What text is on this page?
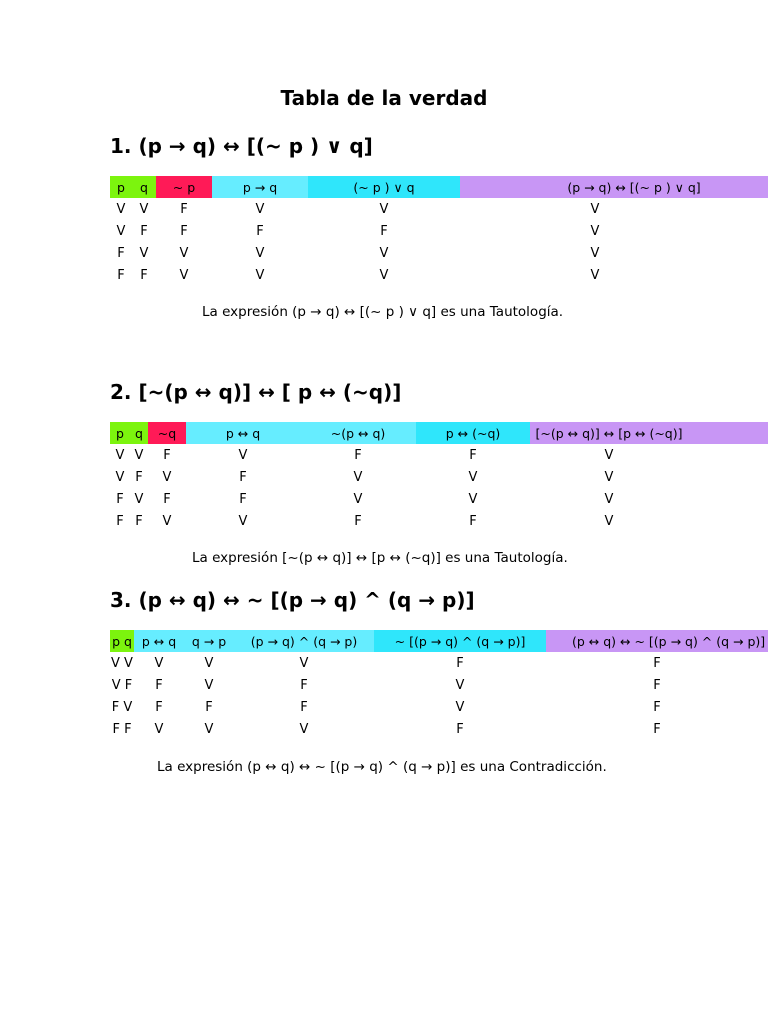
Tabla de la verdad
1. (p → q) ↔ [(~ p ) ∨ q]
p	q	~ p	p → q	(~ p ) ∨ q	(p → q) ↔ [(~ p ) ∨ q]
V	V	F	V	V	V
V	F	F	F	F	V
F	V	V	V	V	V
F	F	V	V	V	V
La expresión (p → q) ↔ [(~ p ) ∨ q] es una Tautología.
2. [~(p ↔ q)] ↔ [ p ↔ (~q)]
p	q	~q	p ↔ q	~(p ↔ q)	p ↔ (~q)	[~(p ↔ q)] ↔ [p ↔ (~q)]
V	V	F	V	F	F	V
V	F	V	F	V	V	V
F	V	F	F	V	V	V
F	F	V	V	F	F	V
La expresión [~(p ↔ q)] ↔ [p ↔ (~q)] es una Tautología.
3. (p ↔ q) ↔ ~ [(p → q) ^ (q → p)]
p q	p ↔ q	q → p	(p → q) ^ (q → p)	~ [(p → q) ^ (q → p)]	(p ↔ q) ↔ ~ [(p → q) ^ (q → p)]
V V	V	V	V	F	F
V F	F	V	F	V	F
F V	F	F	F	V	F
F F	V	V	V	F	F
La expresión (p ↔ q) ↔ ~ [(p → q) ^ (q → p)] es una Contradicción.
